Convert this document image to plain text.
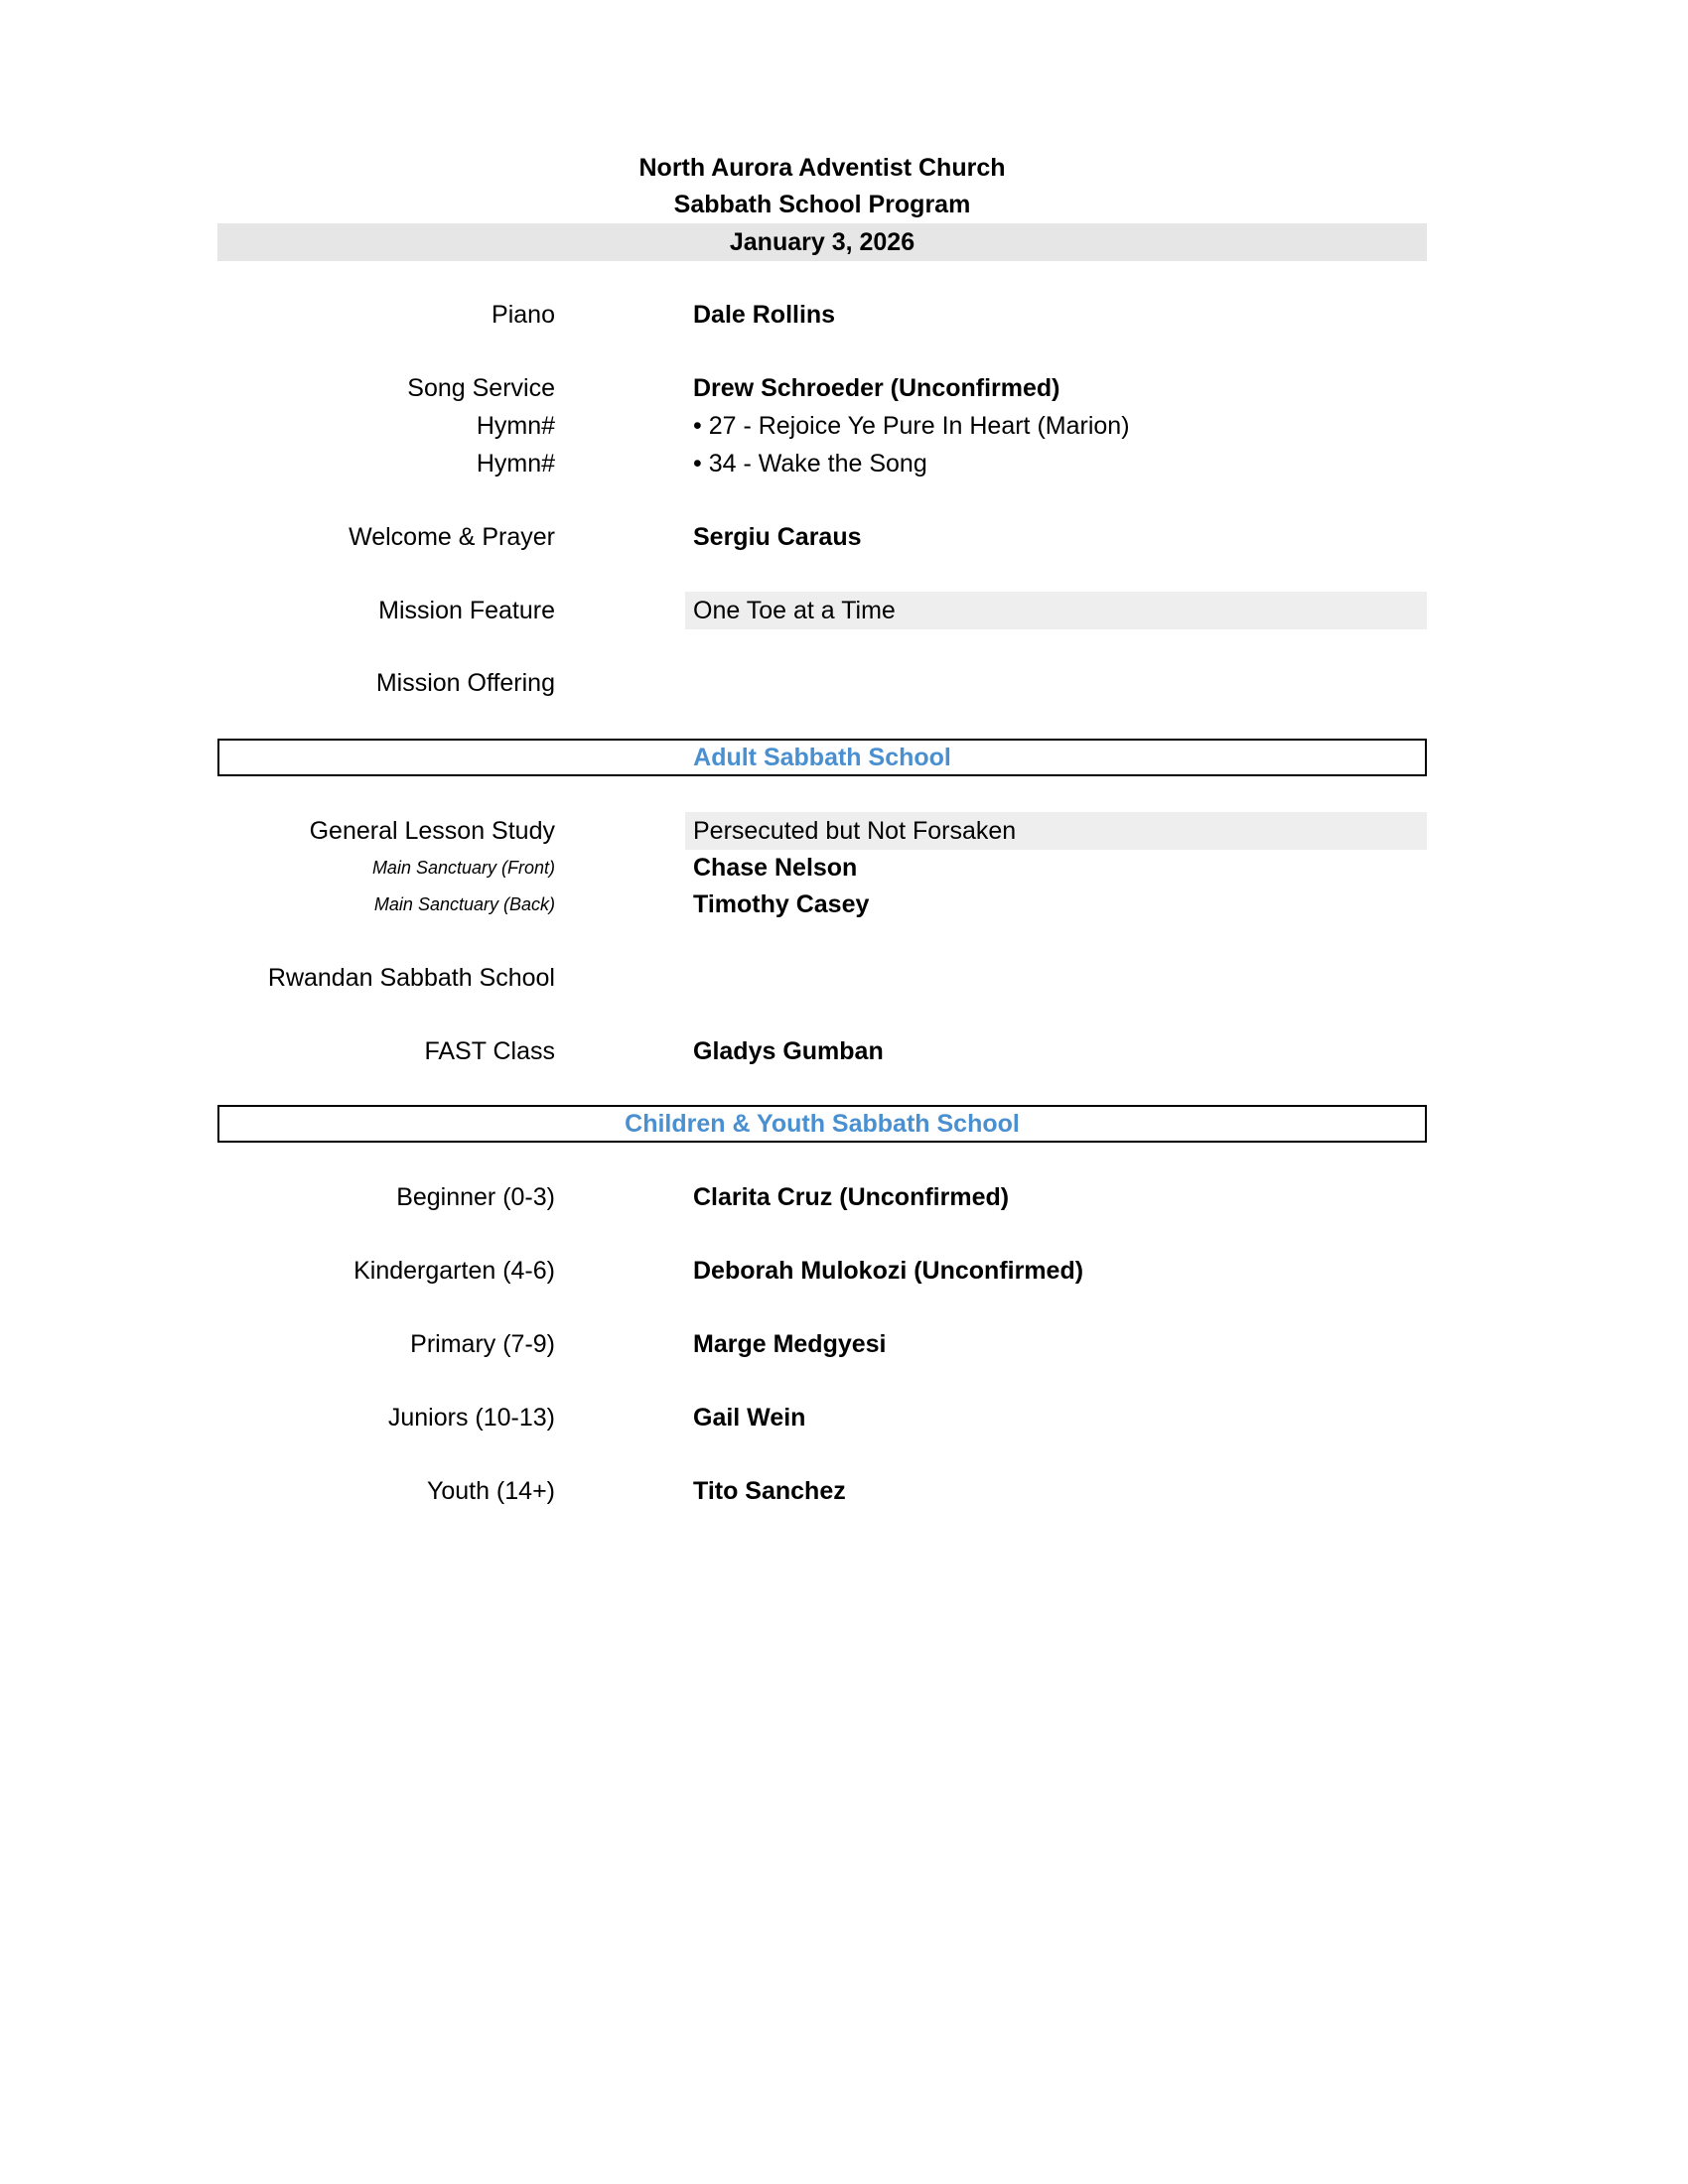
North Aurora Adventist Church
Sabbath School Program
January 3, 2026
Piano	Dale Rollins
Song Service	Drew Schroeder (Unconfirmed)
Hymn#	• 27 - Rejoice Ye Pure In Heart (Marion)
Hymn#	• 34 - Wake the Song
Welcome & Prayer	Sergiu Caraus
Mission Feature	One Toe at a Time
Mission Offering
Adult Sabbath School
General Lesson Study	Persecuted but Not Forsaken
Main Sanctuary (Front)	Chase Nelson
Main Sanctuary (Back)	Timothy Casey
Rwandan Sabbath School
FAST Class	Gladys Gumban
Children & Youth Sabbath School
Beginner (0-3)	Clarita Cruz (Unconfirmed)
Kindergarten (4-6)	Deborah Mulokozi (Unconfirmed)
Primary (7-9)	Marge Medgyesi
Juniors (10-13)	Gail Wein
Youth (14+)	Tito Sanchez
